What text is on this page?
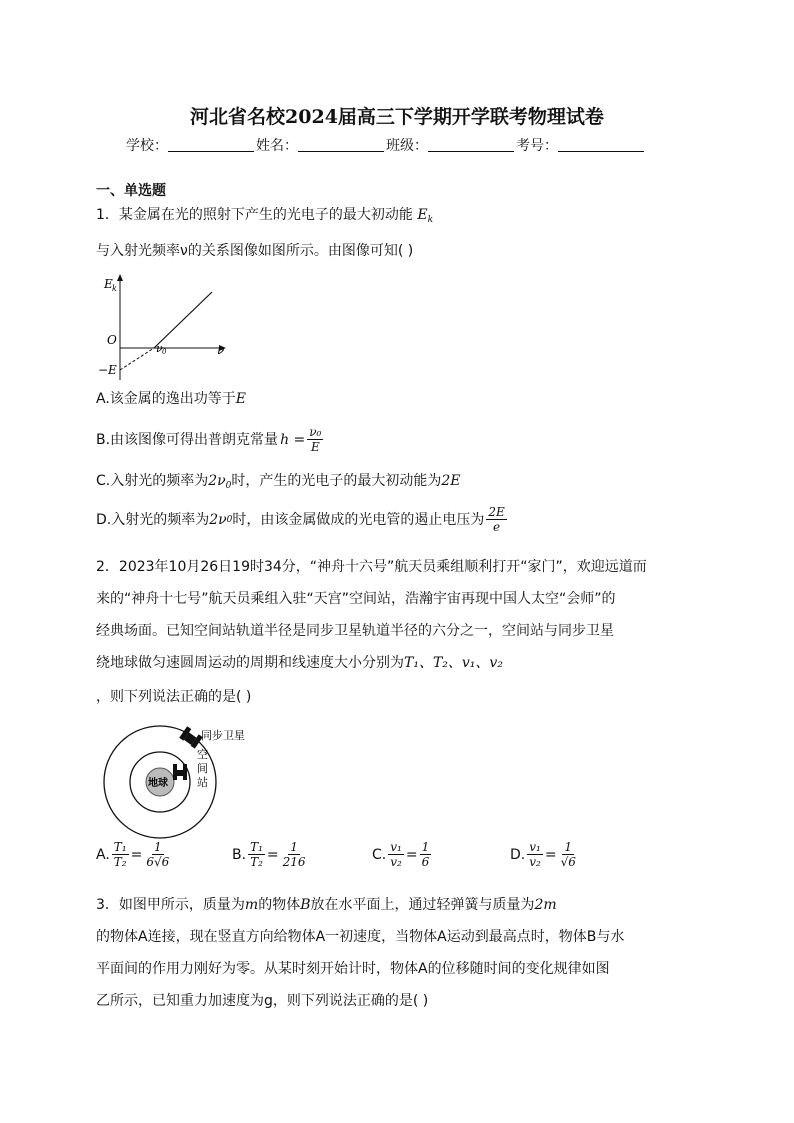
河北省名校2024届高三下学期开学联考物理试卷
学校：	姓名：	班级：	考号：
一、单选题
1．某金属在光的照射下产生的光电子的最大初动能 $E_k$
与入射光频率ν的关系图像如图所示。由图像可知( )
E k
O
ν 0	ν
−E
A.该金属的逸出功等于E
B.由该图像可得出普朗克常量 $h = \frac{\text{ν₀}}{E}$
C.入射光的频率为$2\nu_0$时，产生的光电子的最大初动能为2E
D.入射光的频率为 2ν 0 时，由该金属做成的光电管的遏止电压为 $\frac{2E}{e}$
2．2023年10月26日19时34分，“神舟十六号”航天员乘组顺利打开“家门”，欢迎远道而
来的“神舟十七号”航天员乘组入驻“天宫”空间站，浩瀚宇宙再现中国人太空“会师”的
经典场面。已知空间站轨道半径是同步卫星轨道半径的六分之一，空间站与同步卫星
绕地球做匀速圆周运动的周期和线速度大小分别为T₁、T₂、v₁、v₂
，则下列说法正确的是( )
地球
同步卫星
空
间
站
A. $\frac{\text{T₁}}{\text{T₂}} = \frac{1}{6√6}$	B. $\frac{\text{T₁}}{\text{T₂}} = \frac{1}{216}$	C. $\frac{\text{v₁}}{\text{v₂}} = \frac{1}{6}$	D. $\frac{\text{v₁}}{\text{v₂}} = \frac{1}{√6}$
3．如图甲所示，质量为m的物体B放在水平面上，通过轻弹簧与质量为2m
的物体A连接，现在竖直方向给物体A一初速度，当物体A运动到最高点时，物体B与水
平面间的作用力刚好为零。从某时刻开始计时，物体A的位移随时间的变化规律如图
乙所示，已知重力加速度为g，则下列说法正确的是( )
